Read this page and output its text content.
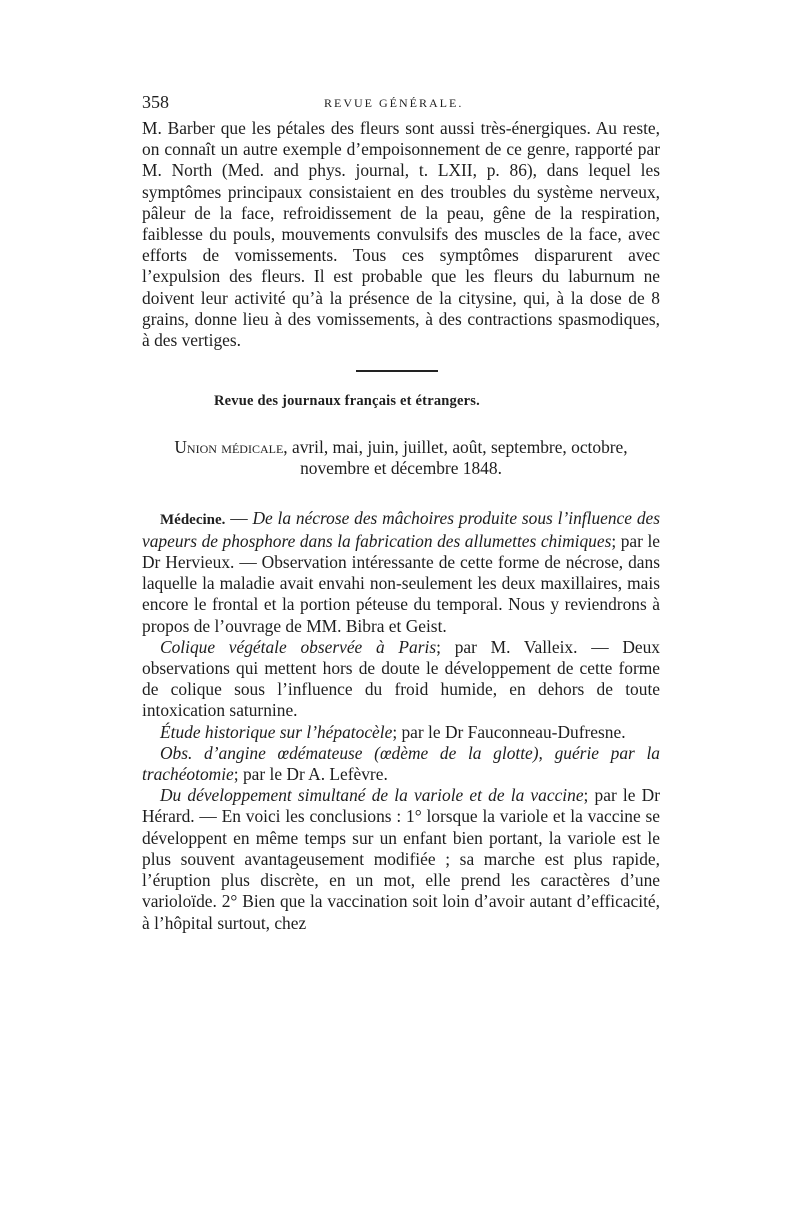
358	REVUE GÉNÉRALE.

M. Barber que les pétales des fleurs sont aussi très-énergiques. Au reste, on connaît un autre exemple d’empoisonnement de ce genre, rapporté par M. North (Med. and phys. journal, t. LXII, p. 86), dans lequel les symptômes principaux consistaient en des troubles du système nerveux, pâleur de la face, refroidissement de la peau, gêne de la respiration, faiblesse du pouls, mouvements convulsifs des muscles de la face, avec efforts de vomissements. Tous ces symptômes disparurent avec l’expulsion des fleurs. Il est probable que les fleurs du laburnum ne doivent leur activité qu’à la présence de la citysine, qui, à la dose de 8 grains, donne lieu à des vomissements, à des contractions spasmodiques, à des vertiges.

Revue des journaux français et étrangers.
Union médicale, avril, mai, juin, juillet, août, septembre, octobre, novembre et décembre 1848.

Médecine. — De la nécrose des mâchoires produite sous l’influence des vapeurs de phosphore dans la fabrication des allumettes chimiques; par le Dr Hervieux. — Observation intéressante de cette forme de nécrose, dans laquelle la maladie avait envahi non-seulement les deux maxillaires, mais encore le frontal et la portion péteuse du temporal. Nous y reviendrons à propos de l’ouvrage de MM. Bibra et Geist.

Colique végétale observée à Paris; par M. Valleix. — Deux observations qui mettent hors de doute le développement de cette forme de colique sous l’influence du froid humide, en dehors de toute intoxication saturnine.

Étude historique sur l’hépatocèle; par le Dr Fauconneau-Dufresne.

Obs. d’angine œdémateuse (œdème de la glotte), guérie par la trachéotomie; par le Dr A. Lefèvre.

Du développement simultané de la variole et de la vaccine; par le Dr Hérard. — En voici les conclusions : 1° lorsque la variole et la vaccine se développent en même temps sur un enfant bien portant, la variole est le plus souvent avantageusement modifiée ; sa marche est plus rapide, l’éruption plus discrète, en un mot, elle prend les caractères d’une varioloïde. 2° Bien que la vaccination soit loin d’avoir autant d’efficacité, à l’hôpital surtout, chez
